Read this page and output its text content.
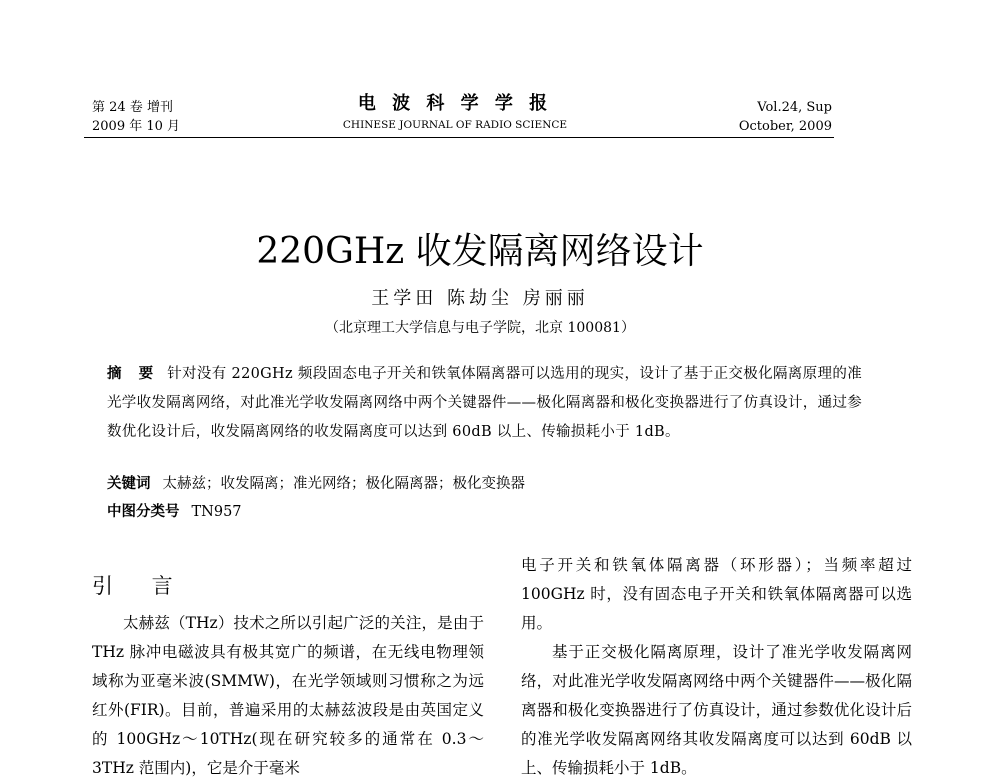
第 24 卷 增刊
2009 年 10 月
电 波 科 学 学 报
CHINESE JOURNAL OF RADIO SCIENCE
Vol.24, Sup
October, 2009
220GHz 收发隔离网络设计
王学田 陈劫尘 房丽丽
（北京理工大学信息与电子学院，北京 100081）
摘 要 针对没有 220GHz 频段固态电子开关和铁氧体隔离器可以选用的现实，设计了基于正交极化隔离原理的准光学收发隔离网络，对此准光学收发隔离网络中两个关键器件——极化隔离器和极化变换器进行了仿真设计，通过参数优化设计后，收发隔离网络的收发隔离度可以达到 60dB 以上、传输损耗小于 1dB。
关键词 太赫兹；收发隔离；准光网络；极化隔离器；极化变换器
中图分类号 TN957
引 言

太赫兹（THz）技术之所以引起广泛的关注，是由于 THz 脉冲电磁波具有极其宽广的频谱，在无线电物理领域称为亚毫米波(SMMW)，在光学领域则习惯称之为远红外(FIR)。目前，普遍采用的太赫兹波段是由英国定义的 100GHz～10THz(现在研究较多的通常在 0.3～3THz 范围内)，它是介于毫米

电子开关和铁氧体隔离器（环形器）；当频率超过 100GHz 时，没有固态电子开关和铁氧体隔离器可以选用。

基于正交极化隔离原理，设计了准光学收发隔离网络，对此准光学收发隔离网络中两个关键器件——极化隔离器和极化变换器进行了仿真设计，通过参数优化设计后的准光学收发隔离网络其收发隔离度可以达到 60dB 以上、传输损耗小于 1dB。
